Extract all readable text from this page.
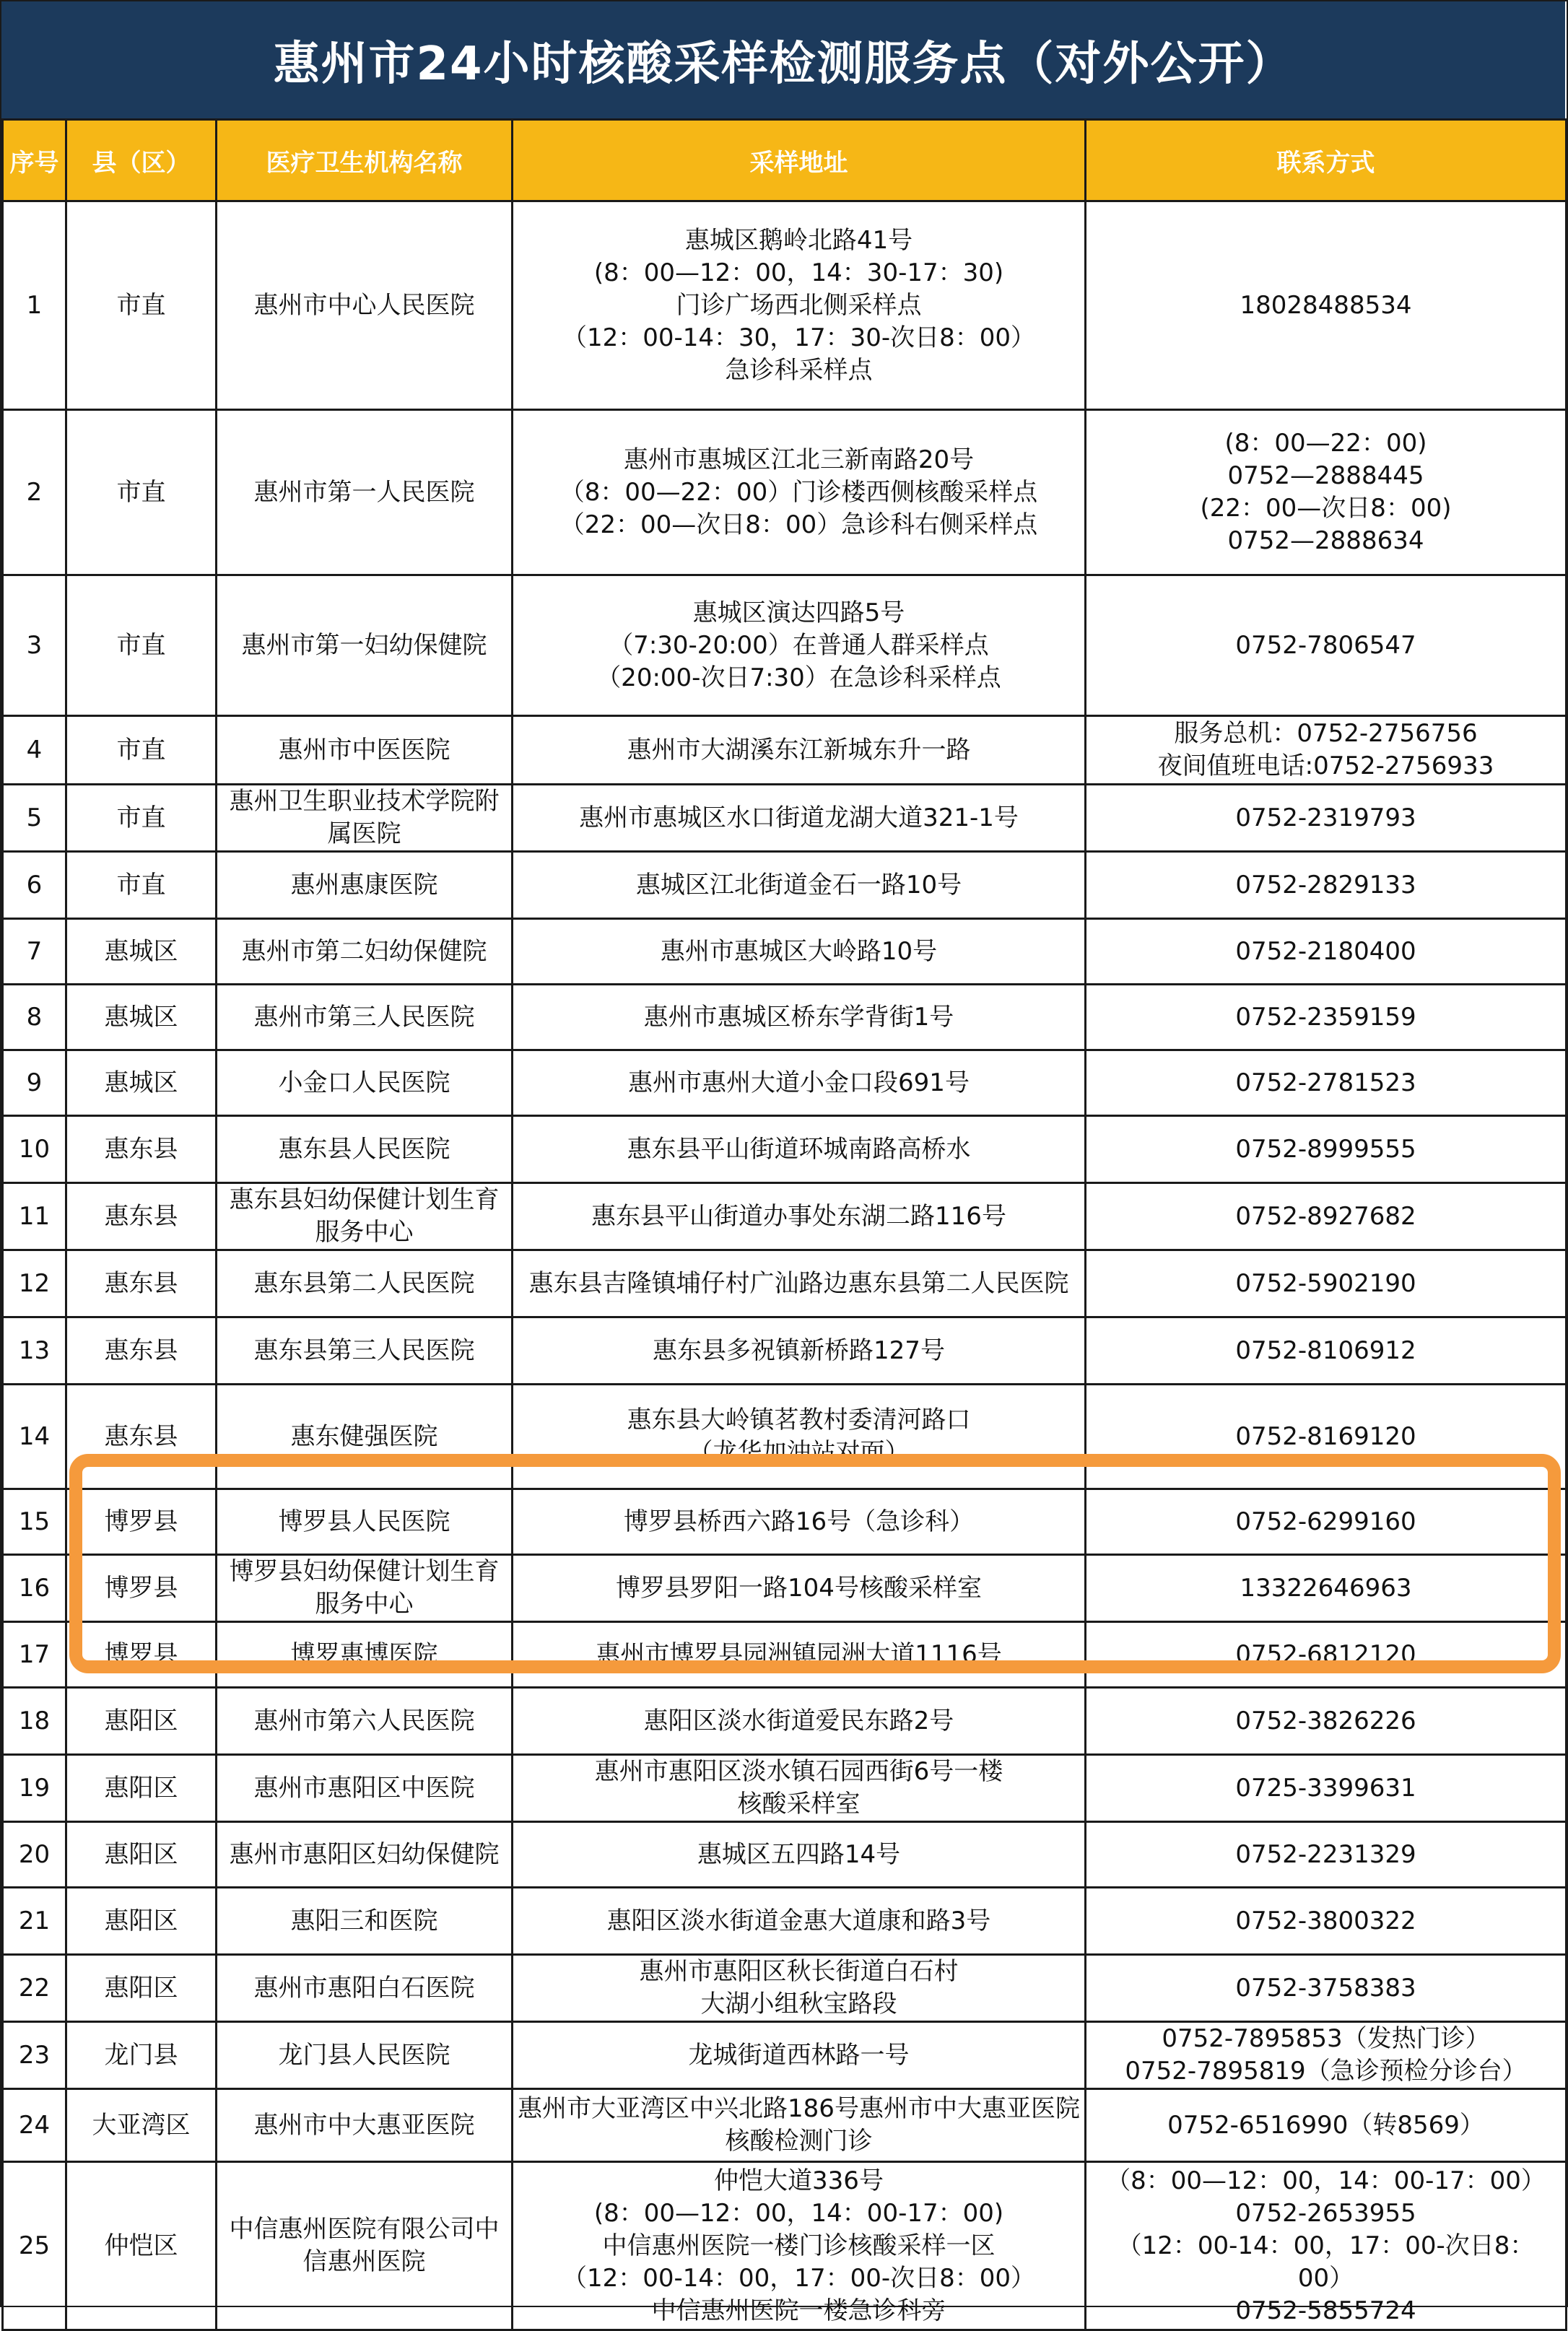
惠州市24小时核酸采样检测服务点（对外公开）
序号	县（区）	医疗卫生机构名称	采样地址	联系方式

1	市直	惠州市中心人民医院	惠城区鹅岭北路41号
(8：00—12：00，14：30-17：30)
门诊广场西北侧采样点
（12：00-14：30，17：30-次日8：00）
急诊科采样点	18028488534

2	市直	惠州市第一人民医院	惠州市惠城区江北三新南路20号
（8：00—22：00）门诊楼西侧核酸采样点
（22：00—次日8：00）急诊科右侧采样点	(8：00—22：00)
0752—2888445
(22：00—次日8：00)
0752—2888634

3	市直	惠州市第一妇幼保健院	惠城区演达四路5号
（7:30-20:00）在普通人群采样点
（20:00-次日7:30）在急诊科采样点	0752-7806547

4	市直	惠州市中医医院	惠州市大湖溪东江新城东升一路	服务总机：0752-2756756
夜间值班电话:0752-2756933

5	市直	惠州卫生职业技术学院附属医院	惠州市惠城区水口街道龙湖大道321-1号	0752-2319793

6	市直	惠州惠康医院	惠城区江北街道金石一路10号	0752-2829133

7	惠城区	惠州市第二妇幼保健院	惠州市惠城区大岭路10号	0752-2180400

8	惠城区	惠州市第三人民医院	惠州市惠城区桥东学背街1号	0752-2359159

9	惠城区	小金口人民医院	惠州市惠州大道小金口段691号	0752-2781523

10	惠东县	惠东县人民医院	惠东县平山街道环城南路高桥水	0752-8999555

11	惠东县	惠东县妇幼保健计划生育服务中心	惠东县平山街道办事处东湖二路116号	0752-8927682

12	惠东县	惠东县第二人民医院	惠东县吉隆镇埔仔村广汕路边惠东县第二人民医院	0752-5902190

13	惠东县	惠东县第三人民医院	惠东县多祝镇新桥路127号	0752-8106912

14	惠东县	惠东健强医院	惠东县大岭镇茗教村委清河路口
（龙华加油站对面）	0752-8169120

15	博罗县	博罗县人民医院	博罗县桥西六路16号（急诊科）	0752-6299160

16	博罗县	博罗县妇幼保健计划生育服务中心	博罗县罗阳一路104号核酸采样室	13322646963

17	博罗县	博罗惠博医院	惠州市博罗县园洲镇园洲大道1116号	0752-6812120

18	惠阳区	惠州市第六人民医院	惠阳区淡水街道爱民东路2号	0752-3826226

19	惠阳区	惠州市惠阳区中医院	惠州市惠阳区淡水镇石园西街6号一楼
核酸采样室	0725-3399631

20	惠阳区	惠州市惠阳区妇幼保健院	惠城区五四路14号	0752-2231329

21	惠阳区	惠阳三和医院	惠阳区淡水街道金惠大道康和路3号	0752-3800322

22	惠阳区	惠州市惠阳白石医院	惠州市惠阳区秋长街道白石村
大湖小组秋宝路段	0752-3758383

23	龙门县	龙门县人民医院	龙城街道西林路一号	0752-7895853（发热门诊）
0752-7895819（急诊预检分诊台）

24	大亚湾区	惠州市中大惠亚医院	惠州市大亚湾区中兴北路186号惠州市中大惠亚医院核酸检测门诊	0752-6516990（转8569）

25	仲恺区	中信惠州医院有限公司中信惠州医院	仲恺大道336号
(8：00—12：00，14：00-17：00)
中信惠州医院一楼门诊核酸采样一区
（12：00-14：00，17：00-次日8：00）
中信惠州医院一楼急诊科旁	（8：00—12：00，14：00-17：00）
0752-2653955
（12：00-14：00，17：00-次日8：00）
0752-5855724
